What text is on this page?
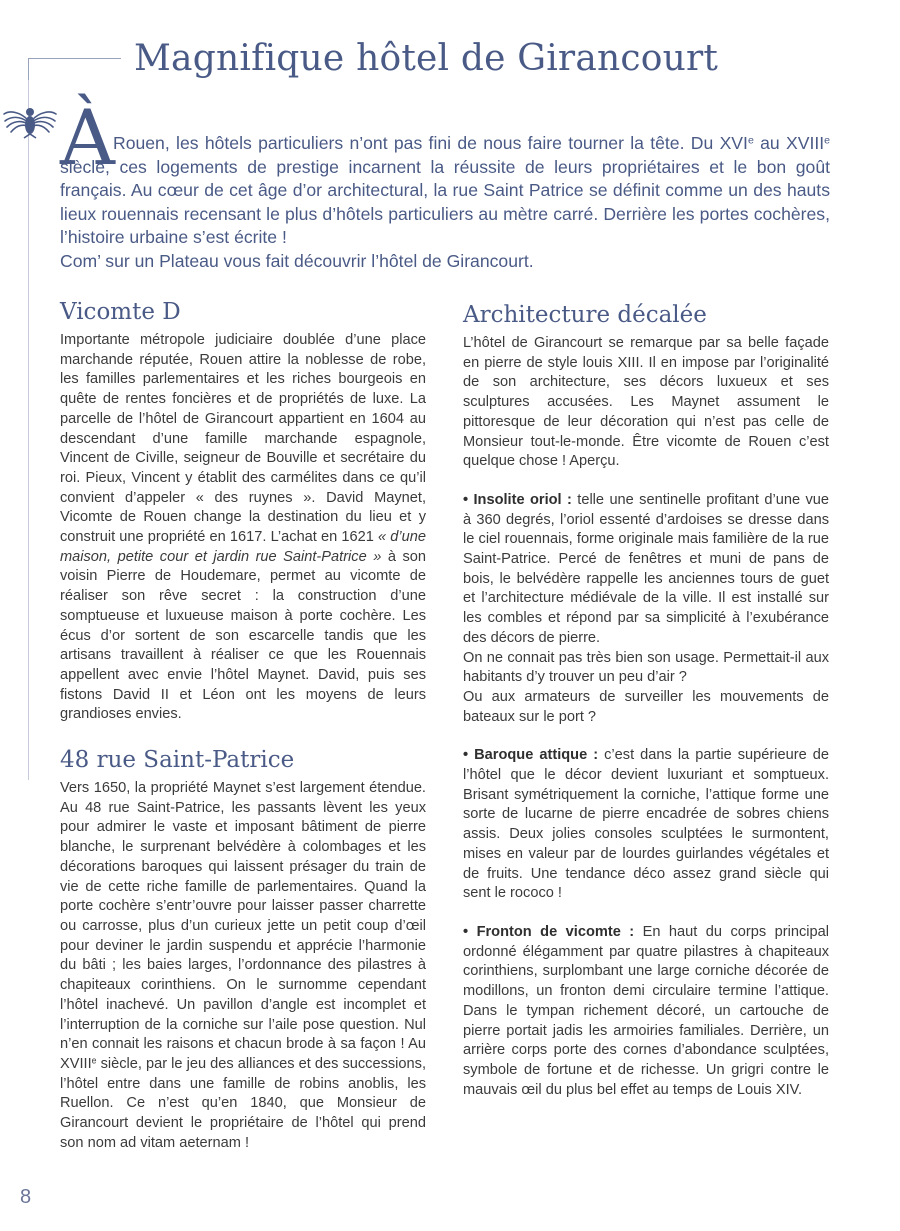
Magnifique hôtel de Girancourt
À

Rouen, les hôtels particuliers n’ont pas fini de nous faire tourner la tête. Du XVIe au XVIIIe siècle, ces logements de prestige incarnent la réussite de leurs propriétaires et le bon goût français. Au cœur de cet âge d’or architectural, la rue Saint Patrice se définit comme un des hauts lieux rouennais recensant le plus d’hôtels particuliers au mètre carré. Derrière les portes cochères, l’histoire urbaine s’est écrite !

Com’ sur un Plateau vous fait découvrir l’hôtel de Girancourt.

Vicomte D

Importante métropole judiciaire doublée d’une place marchande réputée, Rouen attire la noblesse de robe, les familles parlementaires et les riches bourgeois en quête de rentes foncières et de propriétés de luxe. La parcelle de l’hôtel de Girancourt appartient en 1604 au descendant d’une famille marchande espagnole, Vincent de Civille, seigneur de Bouville et secrétaire du roi. Pieux, Vincent y établit des carmélites dans ce qu’il convient d’appeler « des ruynes ». David Maynet, Vicomte de Rouen change la destination du lieu et y construit une propriété en 1617. L’achat en 1621 « d’une maison, petite cour et jardin rue Saint-Patrice » à son voisin Pierre de Houdemare, permet au vicomte de réaliser son rêve secret : la construction d’une somptueuse et luxueuse maison à porte cochère. Les écus d’or sortent de son escarcelle tandis que les artisans travaillent à réaliser ce que les Rouennais appellent avec envie l’hôtel Maynet. David, puis ses fistons David II et Léon ont les moyens de leurs grandioses envies.

48 rue Saint-Patrice

Vers 1650, la propriété Maynet s’est largement étendue. Au 48 rue Saint-Patrice, les passants lèvent les yeux pour admirer le vaste et imposant bâtiment de pierre blanche, le surprenant belvédère à colombages et les décorations baroques qui laissent présager du train de vie de cette riche famille de parlementaires. Quand la porte cochère s’entr’ouvre pour laisser passer charrette ou carrosse, plus d’un curieux jette un petit coup d’œil pour deviner le jardin suspendu et apprécie l’harmonie du bâti ; les baies larges, l’ordonnance des pilastres à chapiteaux corinthiens. On le surnomme cependant l’hôtel inachevé. Un pavillon d’angle est incomplet et l’interruption de la corniche sur l’aile pose question. Nul n’en connait les raisons et chacun brode à sa façon ! Au XVIIIe siècle, par le jeu des alliances et des successions, l’hôtel entre dans une famille de robins anoblis, les Ruellon. Ce n’est qu’en 1840, que Monsieur de Girancourt devient le propriétaire de l’hôtel qui prend son nom ad vitam aeternam !

Architecture décalée

L’hôtel de Girancourt se remarque par sa belle façade en pierre de style louis XIII. Il en impose par l’originalité de son architecture, ses décors luxueux et ses sculptures accusées. Les Maynet assument le pittoresque de leur décoration qui n’est pas celle de Monsieur tout-le-monde. Être vicomte de Rouen c’est quelque chose ! Aperçu.

• Insolite oriol : telle une sentinelle profitant d’une vue à 360 degrés, l’oriol essenté d’ardoises se dresse dans le ciel rouennais, forme originale mais familière de la rue Saint-Patrice. Percé de fenêtres et muni de pans de bois, le belvédère rappelle les anciennes tours de guet et l’architecture médiévale de la ville. Il est installé sur les combles et répond par sa simplicité à l’exubérance des décors de pierre.

On ne connait pas très bien son usage. Permettait-il aux habitants d’y trouver un peu d’air ?

Ou aux armateurs de surveiller les mouvements de bateaux sur le port ?

• Baroque attique : c’est dans la partie supérieure de l’hôtel que le décor devient luxuriant et somptueux. Brisant symétriquement la corniche, l’attique forme une sorte de lucarne de pierre encadrée de sobres chiens assis. Deux jolies consoles sculptées le surmontent, mises en valeur par de lourdes guirlandes végétales et de fruits. Une tendance déco assez grand siècle qui sent le rococo !

• Fronton de vicomte : En haut du corps principal ordonné élégamment par quatre pilastres à chapiteaux corinthiens, surplombant une large corniche décorée de modillons, un fronton demi circulaire termine l’attique. Dans le tympan richement décoré, un cartouche de pierre portait jadis les armoiries familiales. Derrière, un arrière corps porte des cornes d’abondance sculptées, symbole de fortune et de richesse. Un grigri contre le mauvais œil du plus bel effet au temps de Louis XIV.

8
